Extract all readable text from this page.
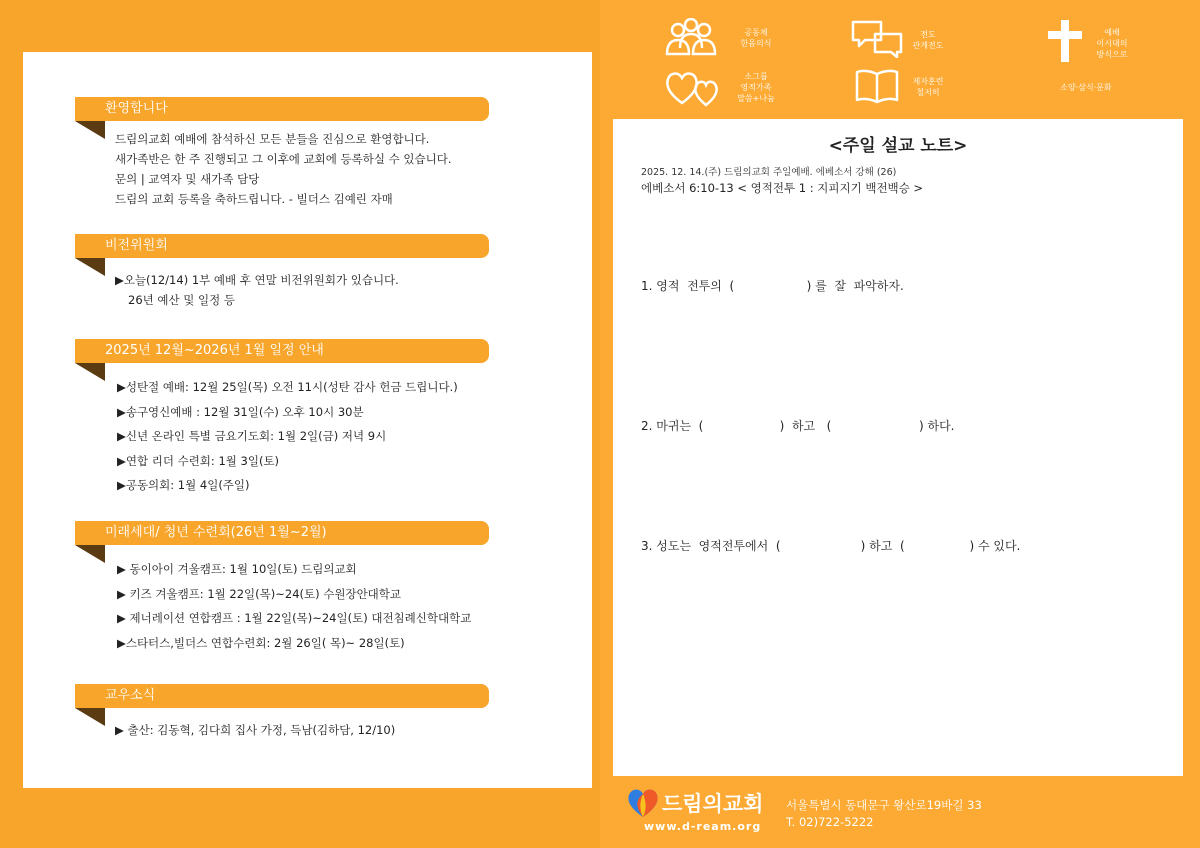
환영합니다
드림의교회 예배에 참석하신 모든 분들을 진심으로 환영합니다.
새가족반은 한 주 진행되고 그 이후에 교회에 등록하실 수 있습니다.
문의 | 교역자 및 새가족 담당
드림의 교회 등록을 축하드립니다. - 빌더스 김예린 자매
비전위원회
▶오늘(12/14) 1부 예배 후 연말 비전위원회가 있습니다.
26년 예산 및 일정 등
2025년 12월~2026년 1월 일정 안내
▶성탄절 예배: 12월 25일(목) 오전 11시(성탄 감사 헌금 드립니다.)
▶송구영신예배 : 12월 31일(수) 오후 10시 30분
▶신년 온라인 특별 금요기도회: 1월 2일(금) 저녁 9시
▶연합 리더 수련회: 1월 3일(토)
▶공동의회: 1월 4일(주일)
미래세대/ 청년 수련회(26년 1월~2월)
▶ 동이아이 겨울캠프: 1월 10일(토) 드림의교회
▶ 키즈 겨울캠프: 1월 22일(목)~24(토) 수원장안대학교
▶ 제너레이션 연합캠프 : 1월 22일(목)~24일(토) 대전침례신학대학교
▶스타터스,빌더스 연합수련회: 2월 26일( 목)~ 28일(토)
교우소식
▶ 출산: 김동혁, 김다희 집사 가정, 득남(김하담, 12/10)
공동체
한몸의식
전도
관계전도
예배
이시대의
방식으로
소그룹
영적가족
말씀+나눔
제자훈련
철저히
소양·삼식·문화
<주일 설교 노트>
2025. 12. 14.(주) 드림의교회 주일예배. 에베소서 강해 (26)
에베소서 6:10-13 < 영적전투 1 : 지피지기 백전백승 >
1. 영적  전투의  (                   ) 를  잘  파악하자.
2. 마귀는  (                    )  하고   (                       ) 하다.
3. 성도는  영적전투에서  (                     ) 하고  (                 ) 수 있다.
드림의교회
www.d-ream.org
서울특별시 동대문구 왕산로19바길 33
T. 02)722-5222
